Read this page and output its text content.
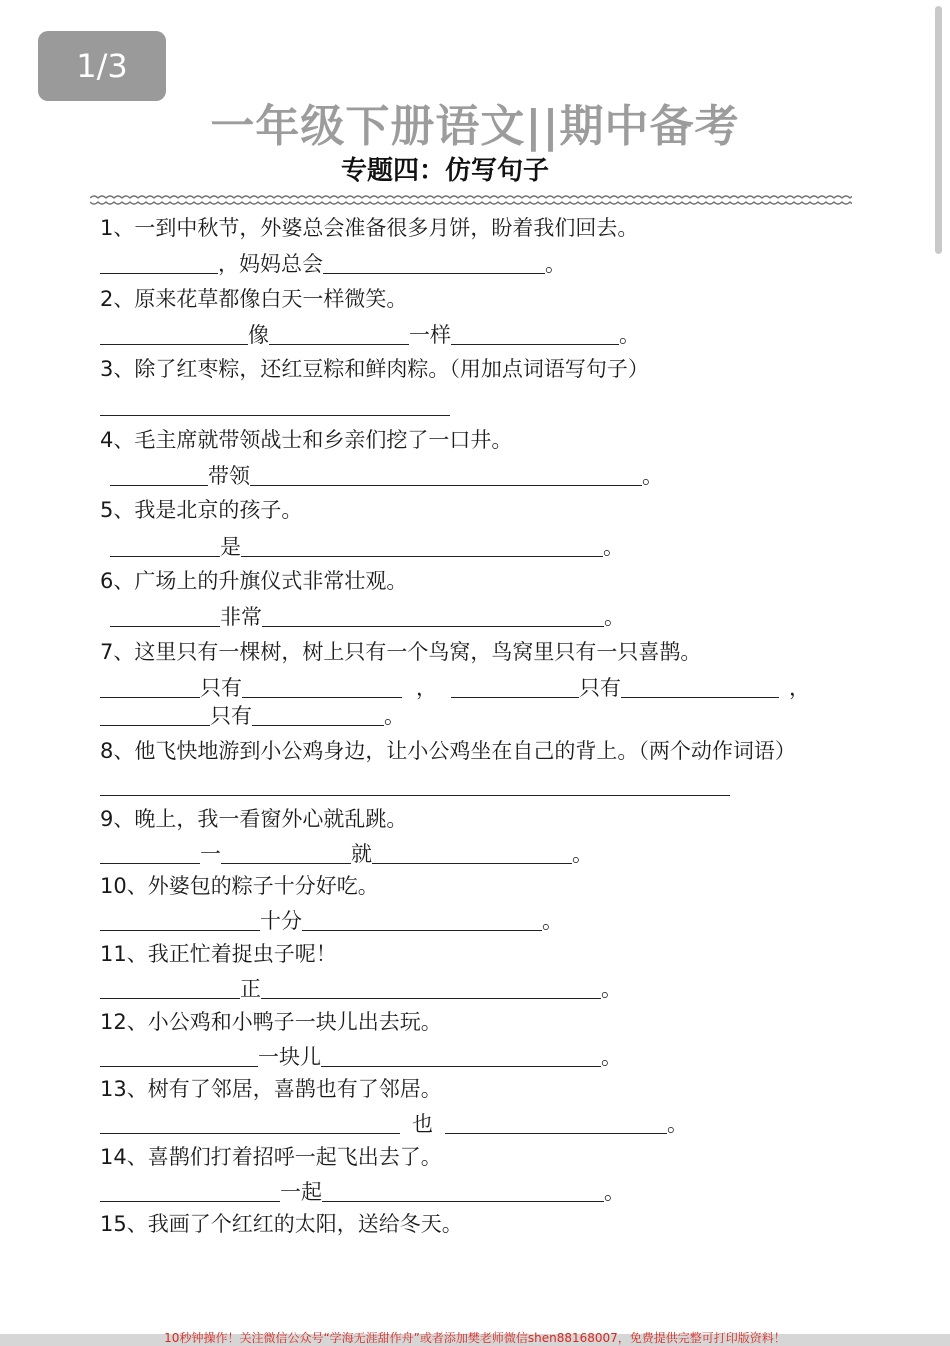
1/3
一年级下册语文||期中备考
专题四：仿写句子
1、一到中秋节，外婆总会准备很多月饼，盼着我们回去。
，妈妈总会	。
2、原来花草都像白天一样微笑。
像	一样	。
3、除了红枣粽，还红豆粽和鲜肉粽。（用加点词语写句子）
4、毛主席就带领战士和乡亲们挖了一口井。
带领	。
5、我是北京的孩子。
是	。
6、广场上的升旗仪式非常壮观。
非常	。
7、这里只有一棵树，树上只有一个鸟窝，鸟窝里只有一只喜鹊。
只有	，	只有	，
只有	。
8、他飞快地游到小公鸡身边，让小公鸡坐在自己的背上。（两个动作词语）
9、晚上，我一看窗外心就乱跳。
一	就	。
10、外婆包的粽子十分好吃。
十分	。
11、我正忙着捉虫子呢！
正	。
12、小公鸡和小鸭子一块儿出去玩。
一块儿	。
13、树有了邻居，喜鹊也有了邻居。
也	。
14、喜鹊们打着招呼一起飞出去了。
一起	。
15、我画了个红红的太阳，送给冬天。
10秒钟操作！关注微信公众号“学海无涯甜作舟”或者添加樊老师微信shen88168007，免费提供完整可打印版资料！
